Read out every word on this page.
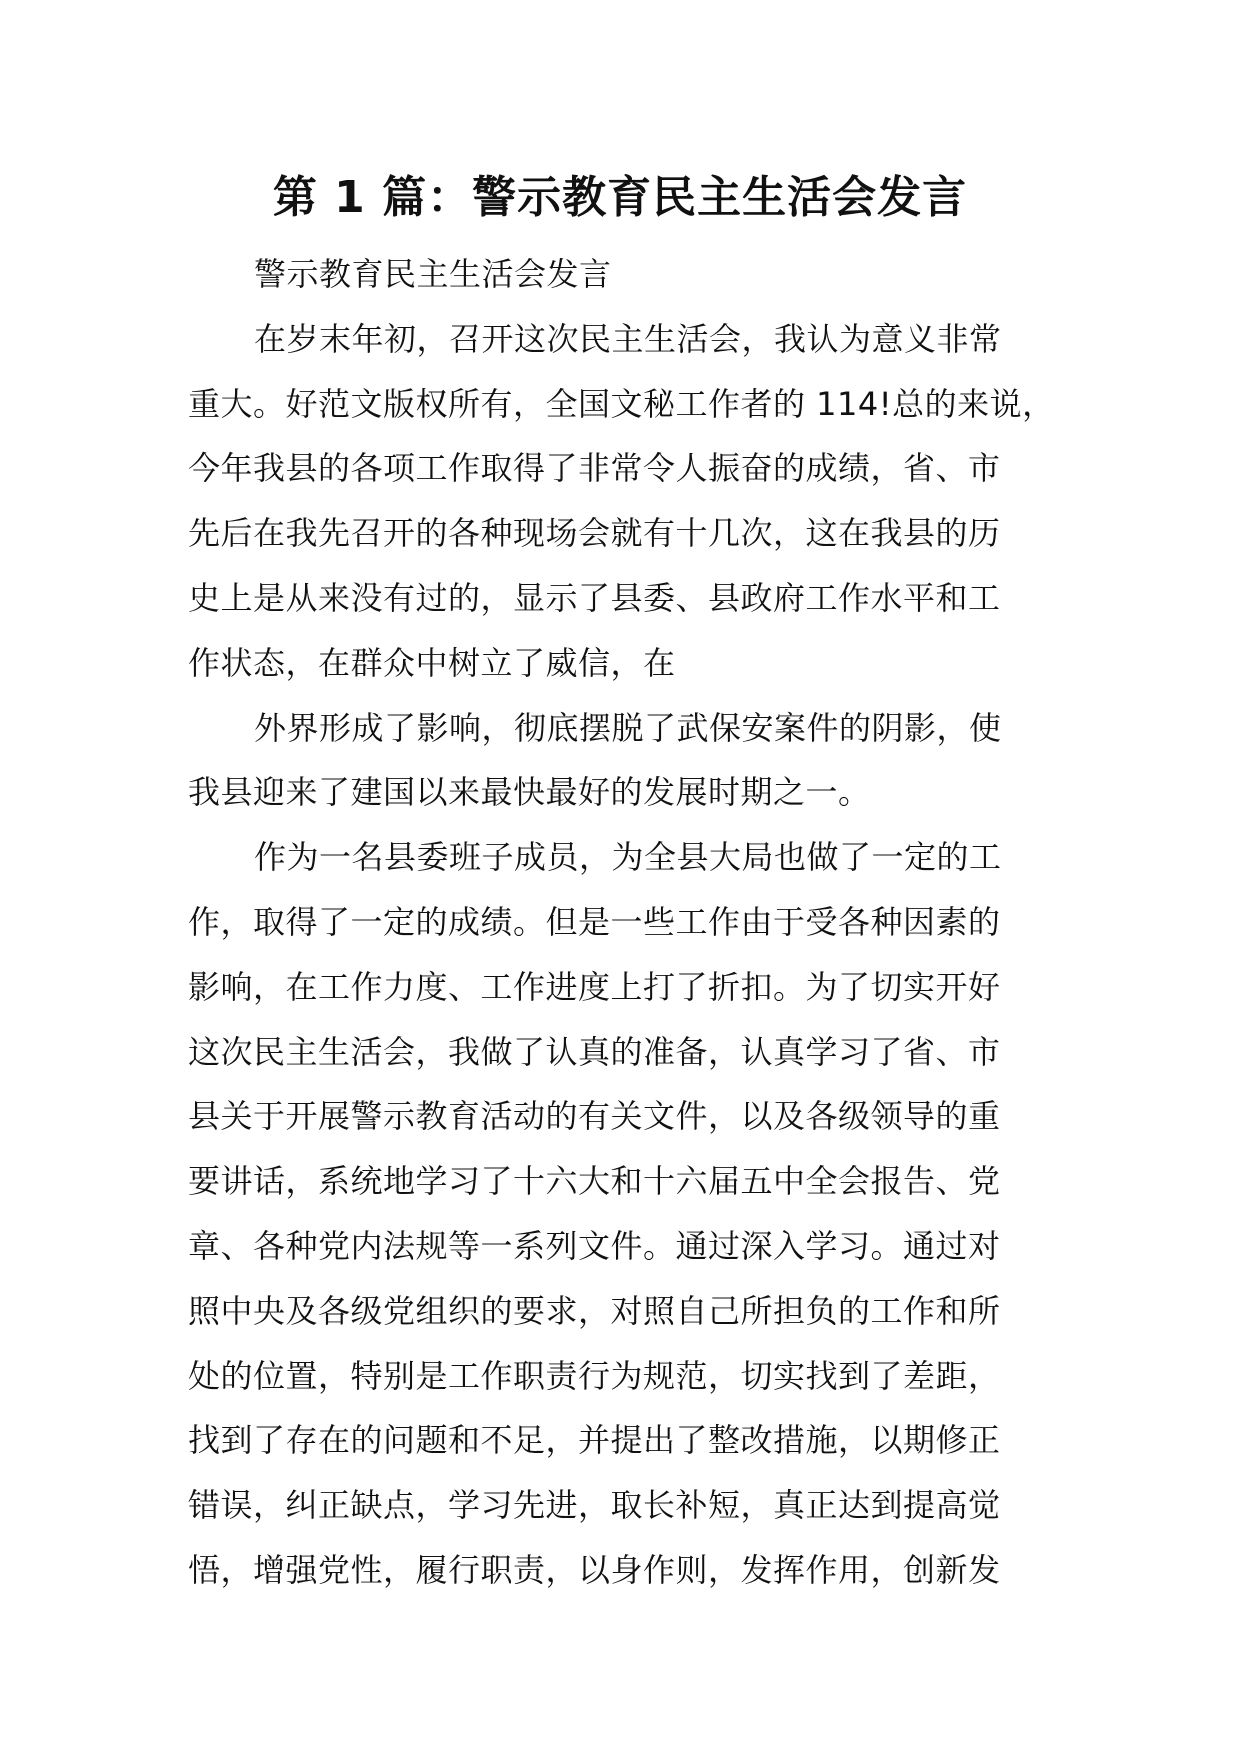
第 1 篇：警示教育民主生活会发言
警示教育民主生活会发言
在岁末年初，召开这次民主生活会，我认为意义非常
重大。好范文版权所有，全国文秘工作者的 114!总的来说，
今年我县的各项工作取得了非常令人振奋的成绩，省、市
先后在我先召开的各种现场会就有十几次，这在我县的历
史上是从来没有过的，显示了县委、县政府工作水平和工
作状态，在群众中树立了威信，在
外界形成了影响，彻底摆脱了武保安案件的阴影，使
我县迎来了建国以来最快最好的发展时期之一。
作为一名县委班子成员，为全县大局也做了一定的工
作，取得了一定的成绩。但是一些工作由于受各种因素的
影响，在工作力度、工作进度上打了折扣。为了切实开好
这次民主生活会，我做了认真的准备，认真学习了省、市
县关于开展警示教育活动的有关文件，以及各级领导的重
要讲话，系统地学习了十六大和十六届五中全会报告、党
章、各种党内法规等一系列文件。通过深入学习。通过对
照中央及各级党组织的要求，对照自己所担负的工作和所
处的位置，特别是工作职责行为规范，切实找到了差距，
找到了存在的问题和不足，并提出了整改措施，以期修正
错误，纠正缺点，学习先进，取长补短，真正达到提高觉
悟，增强党性，履行职责，以身作则，发挥作用，创新发
